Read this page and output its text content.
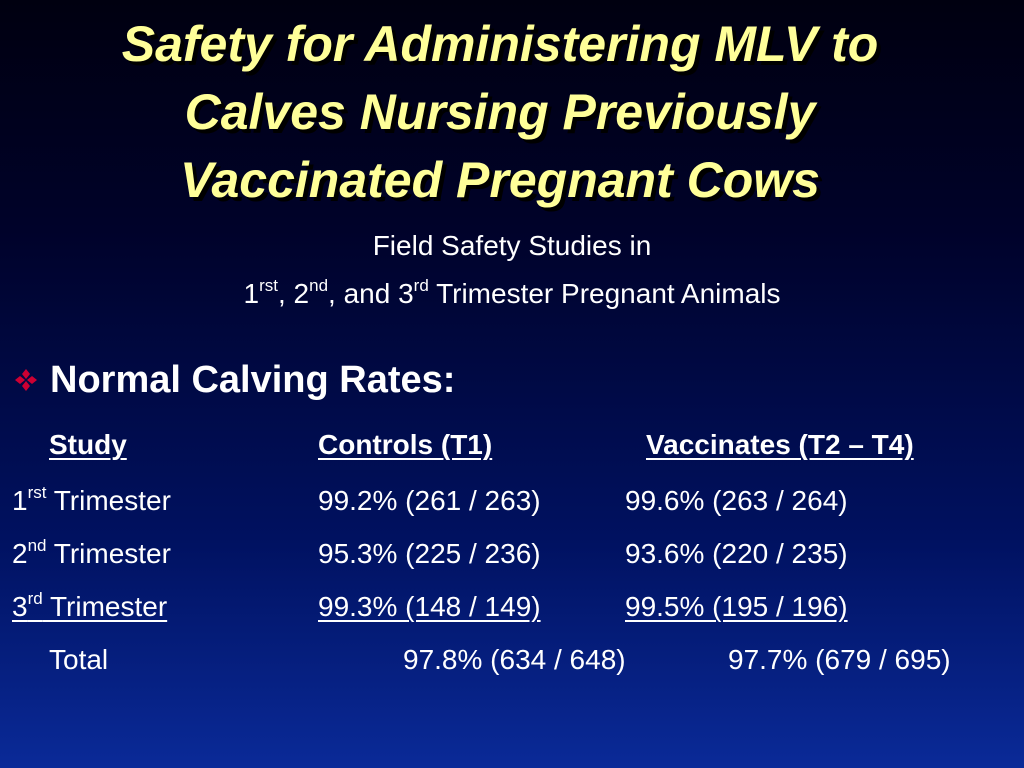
Safety for Administering MLV to
Calves Nursing Previously
Vaccinated Pregnant Cows
Field Safety Studies in
$1^{rst}$, 2nd, and 3rd Trimester Pregnant Animals
Normal Calving Rates:
Study	Controls (T1)	Vaccinates (T2 – T4)
$1^{rst}$ Trimester	99.2% (261 / 263)	99.6% (263 / 264)
2nd Trimester	95.3% (225 / 236)	93.6% (220 / 235)
3rd Trimester	99.3% (148 / 149)	99.5% (195 / 196)
Total	97.8% (634 / 648)	97.7% (679 / 695)
